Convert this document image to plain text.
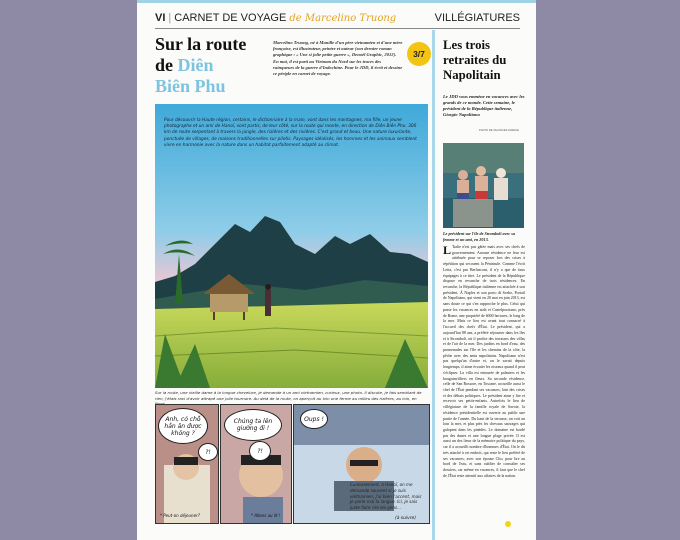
VI | CARNET DE VOYAGE de Marcelino Truong	VILLÉGIATURES
Sur la route
de Diên
Biên Phu
Marcelino Truong, né à Manille d'un père vietnamien et d'une mère française, est illustrateur, peintre et auteur (son dernier roman graphique : « Une si jolie petite guerre », Denoël Graphic, 2012). En mai, il est parti au Vietnam du Nord sur les traces des vainqueurs de la guerre d'Indochine. Pour le JDD, il écrit et dessine ce périple en carnet de voyage.
3/7
Pour découvrir la Haute région, certains, le dictionnaire à la main, vont dans les montagnes, ma fille, un jeune photographe et un ami de Hanoï, sont partis, de leur côté, sur la route qui monte, en direction de Diên Biên Phu. 300 km de route serpentant à travers la jungle, des rizières et des rivières. C'est grand et beau. Une nature luxuriante, ponctuée de villages, de maisons traditionnelles sur pilotis. Paysages idéalisés, les hommes et les animaux semblent vivre en harmonie avec la nature dans un habitat parfaitement adapté au climat.
Sur la route, une vieille dame à la longue chevelure, je demande à un ami vietnamien, curieux, une photo. Il discute, je fais semblant de rien, j'étais ravi d'avoir attrapé une jolie tournure. Au delà de la route, on aperçoit au loin une ferme au milieu des rizières, au loin, en
Anh, có chỗ hẳn ăn được không ?
?!
* Peut-on déjeuner?
Chúng ta lên giường đi !
?!
* Allons au lit !
Oups !
Curieusement, à Hanoï, on me demande souvent si je suis vietnamien, j'ai bien l'accent, mais je parle mal la langue. Ici, je sais juste faire rire les gens...
(à suivre)
Les trois retraites du Napolitain
Le JDD vous emmène en vacances avec les grands de ce monde. Cette semaine, le président de la République italienne, Giorgio Napolitano
PHOTO DE VACANCES AGENCE
Le président sur l'île de Stromboli avec sa femme et un ami, en 2013.
L 'Italie n'est pas gâtée mais avec ses chefs de gouvernement. Aucune résidence ne leur est attribuée pour se reposer lors des crises à répétition qui secouent la Péninsule. Comme l'écrit Letta, c'est par Berlusconi, il n'y a que de faux équipages à ce titre. Le président de la République dispose en revanche de trois résidences. En revanche, la République italienne est attachée à son président. À Naples et son porto di Sorbo, Portail de Napolitano, qui vient en 20 mai en juin 2013, est sans doute ce qui s'en rapproche le plus. Celui qui passe les vacances en août et Castelporziano, près de Rome, une propriété de 6000 hectares, le long de la mer. Mais ce lieu est avant tout consacré à l'accueil des chefs d'État. Le président, qui a aujourd'hui 88 ans, a préféré séjourner dans les îles et à Stromboli, où il profite des terrasses des villas et de l'air de la mer. Des jardins en bord d'eau, des promenades sur l'île et les chemins de la côte, la pêche avec des amis napolitains. Napolitano n'est pas quelqu'un d'autre et, on le savait depuis longtemps, il aime écouter les oiseaux quand il peut s'éclipser. La villa est entourée de palmiers et les bougainvilliers en fleurs. Sa seconde résidence, celle de San Rossore, en Toscane, accueille aussi le chef de l'État pendant ses vacances, loin des crises et des débats politiques. Le président aime y lire et recevoir ses petits-enfants. Autrefois le lieu de villégiature de la famille royale de Savoie, la résidence présidentielle est ouverte au public une partie de l'année. Du haut de la terrasse, on voit au loin la mer, et plus près les chevaux sauvages qui galopent dans les pinèdes. Le domaine est bordé par des dunes et une longue plage privée. Il est aussi un des lieux de la mémoire politique du pays, car il a accueilli nombre d'hommes d'État. On le dit très attaché à cet endroit, qui reste le lieu préféré de ses vacances, avec son épouse Clio, pour lire au bord de l'eau, et sans oublier de consulter ses dossiers, car même en vacances, il faut que le chef de l'État reste attentif aux affaires de la nation.
